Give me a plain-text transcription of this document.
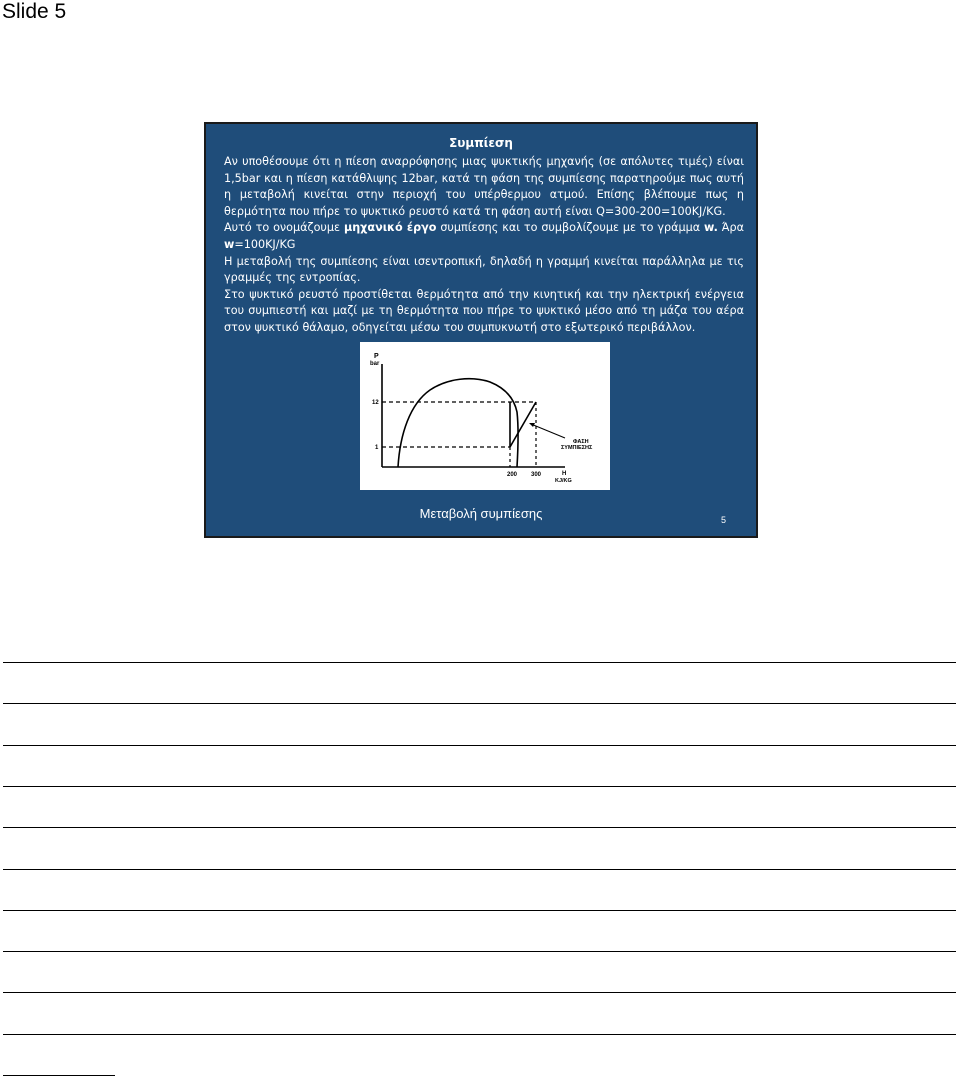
Slide 5
Συμπίεση

Αν υποθέσουμε ότι η πίεση αναρρόφησης μιας ψυκτικής μηχανής (σε απόλυτες τιμές) είναι 1,5bar και η πίεση κατάθλιψης 12bar, κατά τη φάση της συμπίεσης παρατηρούμε πως αυτή η μεταβολή κινείται στην περιοχή του υπέρθερμου ατμού. Επίσης βλέπουμε πως η θερμότητα που πήρε το ψυκτικό ρευστό κατά τη φάση αυτή είναι Q=300-200=100KJ/KG.

Αυτό το ονομάζουμε μηχανικό έργο συμπίεσης και το συμβολίζουμε με το γράμμα w. Άρα w=100KJ/KG

Η μεταβολή της συμπίεσης είναι ισεντροπική, δηλαδή η γραμμή κινείται παράλληλα με τις γραμμές της εντροπίας.

Στο ψυκτικό ρευστό προστίθεται θερμότητα από την κινητική και την ηλεκτρική ενέργεια του συμπιεστή και μαζί με τη θερμότητα που πήρε το ψυκτικό μέσο από τη μάζα του αέρα στον ψυκτικό θάλαμο, οδηγείται μέσω του συμπυκνωτή στο εξωτερικό περιβάλλον.

P
bar
12
1
200 300	H
KJ/KG
ΦΑΣΗ
ΣΥΜΠΙΕΣΗΣ
Μεταβολή συμπίεσης	5
